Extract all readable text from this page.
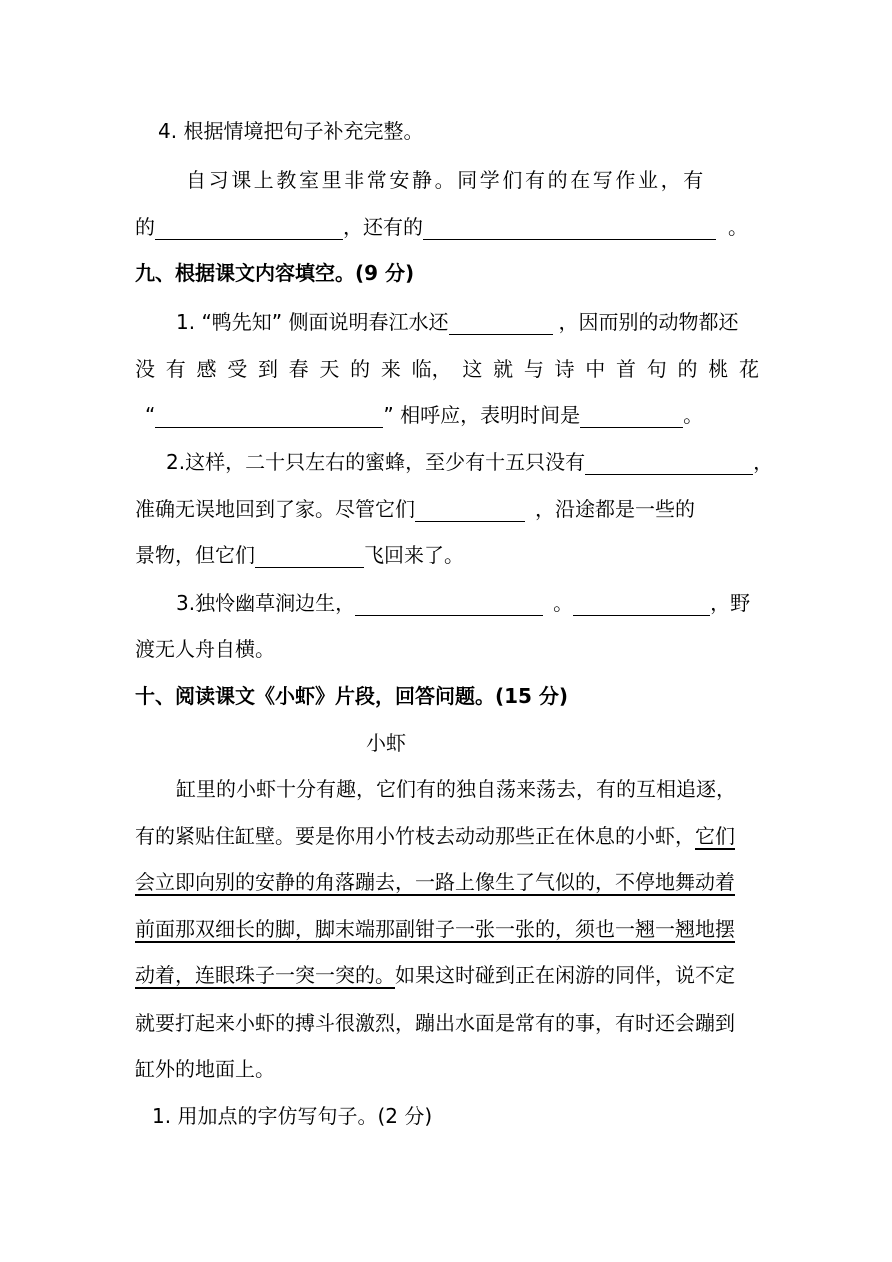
4. 根据情境把句子补充完整。
自习课上教室里非常安静。同学们有的在写作业，有
的	，还有的	。
九、根据课文内容填空。(9 分)
1. “鸭先知” 侧面说明春江水还	，因而别的动物都还
没 有 感 受 到 春 天 的 来 临， 这 就 与 诗 中 首 句 的 桃 花
“	” 相呼应，表明时间是	。
2.这样，二十只左右的蜜蜂，至少有十五只没有	，
准确无误地回到了家。尽管它们	，沿途都是一些的
景物，但它们	飞回来了。
3.独怜幽草涧边生，	。	，野
渡无人舟自横。
十、阅读课文《小虾》片段，回答问题。(15 分)
小虾
缸里的小虾十分有趣，它们有的独自荡来荡去，有的互相追逐，
有的紧贴住缸壁。要是你用小竹枝去动动那些正在休息的小虾，它们
会立即向别的安静的角落蹦去，一路上像生了气似的，不停地舞动着
前面那双细长的脚，脚末端那副钳子一张一张的，须也一翘一翘地摆
动着，连眼珠子一突一突的。如果这时碰到正在闲游的同伴，说不定
就要打起来小虾的搏斗很激烈，蹦出水面是常有的事，有时还会蹦到
缸外的地面上。
1. 用加点的字仿写句子。(2 分)
